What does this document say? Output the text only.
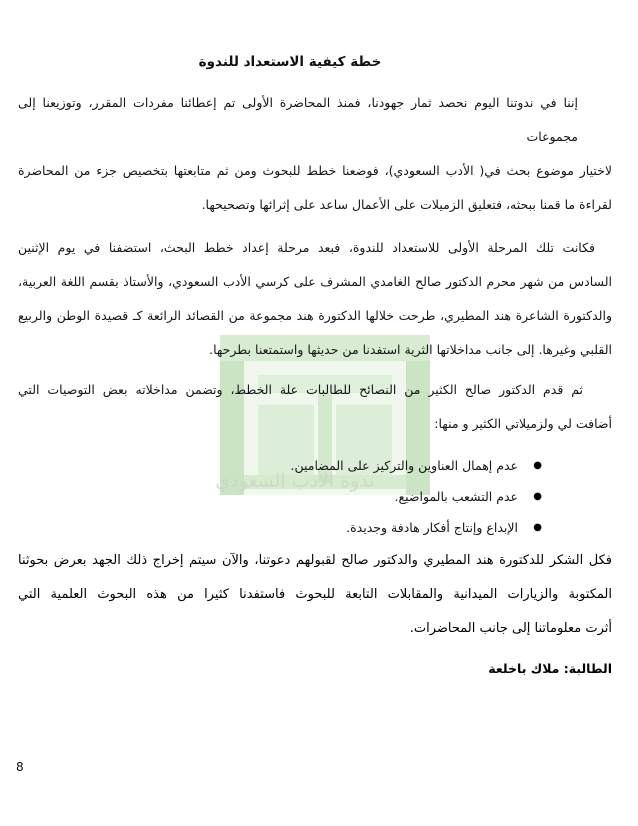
ندوة الأدب السعودي
خطة كيفية الاستعداد للندوة
إننا في ندوتنا اليوم نحصد ثمار جهودنا، فمنذ المحاضرة الأولى تم إعطائنا مفردات المقرر، وتوزيعنا إلى مجموعات
لاختيار موضوع بحث في( الأدب السعودي)، فوضعنا خطط للبحوث ومن ثم متابعتها بتخصيص جزء من المحاضرة
لقراءة ما قمنا ببحثه، فتعليق الزميلات على الأعمال ساعد على إثرائها وتصحيحها.
فكانت تلك المرحلة الأولى للاستعداد للندوة، فبعد مرحلة إعداد خطط البحث، استضفنا في يوم الإثنين
السادس من شهر محرم الدكتور صالح الغامدي المشرف على كرسي الأدب السعودي، والأستاذ بقسم اللغة العربية،
والدكتورة الشاعرة هند المطيري، طرحت خلالها الدكتورة هند مجموعة من القصائد الرائعة كـ قصيدة الوطن والربيع
القلبي وغيرها. إلى جانب مداخلاتها الثرية استفدنا من حديثها واستمتعنا بطرحها.
ثم قدم الدكتور صالح الكثير من النصائح للطالبات علة الخطط، وتضمن مداخلاته بعض التوصيات التي
أضافت لي ولزميلاتي الكثير و منها:
●
عدم إهمال العناوين والتركيز على المضامين.
●
عدم التشعب بالمواضيع.
●
الإبداع وإنتاج أفكار هادفة وجديدة.
فكل الشكر للدكتورة هند المطيري والدكتور صالح لقبولهم دعوتنا، والآن سيتم إخراج ذلك الجهد بعرض بحوثنا
المكتوبة والزيارات الميدانية والمقابلات التابعة للبحوث فاستفدنا كثيرا من هذه البحوث العلمية التي
أثرت معلوماتنا إلى جانب المحاضرات.
الطالبة: ملاك باخلعة
8
